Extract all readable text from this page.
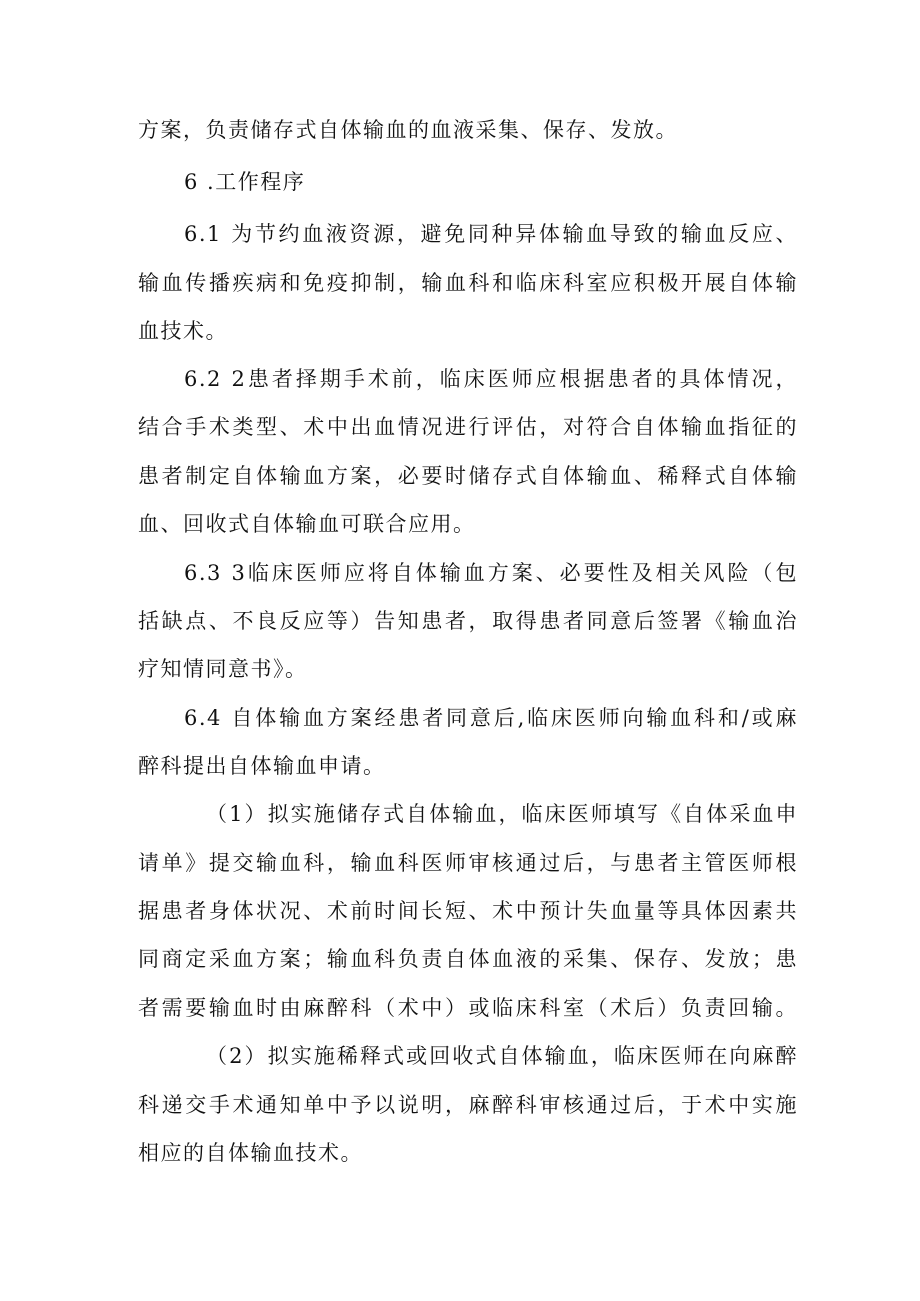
方案，负责储存式自体输血的血液采集、保存、发放。
6 .工作程序
6.1 为节约血液资源，避免同种异体输血导致的输血反应、
输血传播疾病和免疫抑制，输血科和临床科室应积极开展自体输
血技术。
6.2 2患者择期手术前，临床医师应根据患者的具体情况，
结合手术类型、术中出血情况进行评估，对符合自体输血指征的
患者制定自体输血方案，必要时储存式自体输血、稀释式自体输
血、回收式自体输血可联合应用。
6.3 3临床医师应将自体输血方案、必要性及相关风险（包
括缺点、不良反应等）告知患者，取得患者同意后签署《输血治
疗知情同意书》。
6.4 自体输血方案经患者同意后,临床医师向输血科和/或麻
醉科提出自体输血申请。
（1）拟实施储存式自体输血，临床医师填写《自体采血申
请单》提交输血科，输血科医师审核通过后，与患者主管医师根
据患者身体状况、术前时间长短、术中预计失血量等具体因素共
同商定采血方案；输血科负责自体血液的采集、保存、发放；患
者需要输血时由麻醉科（术中）或临床科室（术后）负责回输。
（2）拟实施稀释式或回收式自体输血，临床医师在向麻醉
科递交手术通知单中予以说明，麻醉科审核通过后，于术中实施
相应的自体输血技术。
